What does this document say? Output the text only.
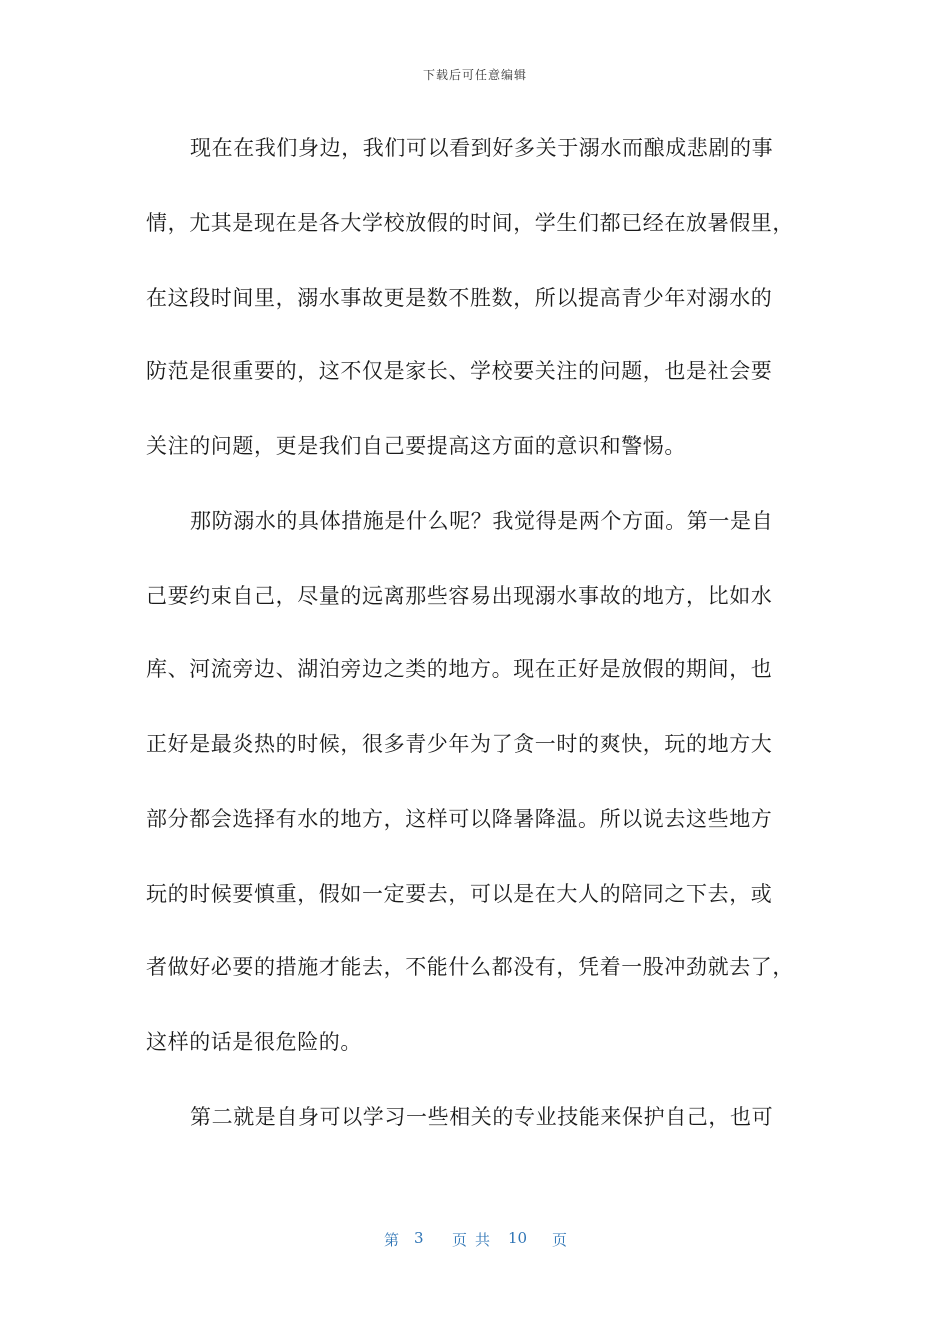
下载后可任意编辑
现在在我们身边，我们可以看到好多关于溺水而酿成悲剧的事
情，尤其是现在是各大学校放假的时间，学生们都已经在放暑假里，
在这段时间里，溺水事故更是数不胜数，所以提高青少年对溺水的
防范是很重要的，这不仅是家长、学校要关注的问题，也是社会要
关注的问题，更是我们自己要提高这方面的意识和警惕。
那防溺水的具体措施是什么呢？我觉得是两个方面。第一是自
己要约束自己，尽量的远离那些容易出现溺水事故的地方，比如水
库、河流旁边、湖泊旁边之类的地方。现在正好是放假的期间，也
正好是最炎热的时候，很多青少年为了贪一时的爽快，玩的地方大
部分都会选择有水的地方，这样可以降暑降温。所以说去这些地方
玩的时候要慎重，假如一定要去，可以是在大人的陪同之下去，或
者做好必要的措施才能去，不能什么都没有，凭着一股冲劲就去了，
这样的话是很危险的。
第二就是自身可以学习一些相关的专业技能来保护自己，也可
第 3 页共 10 页
